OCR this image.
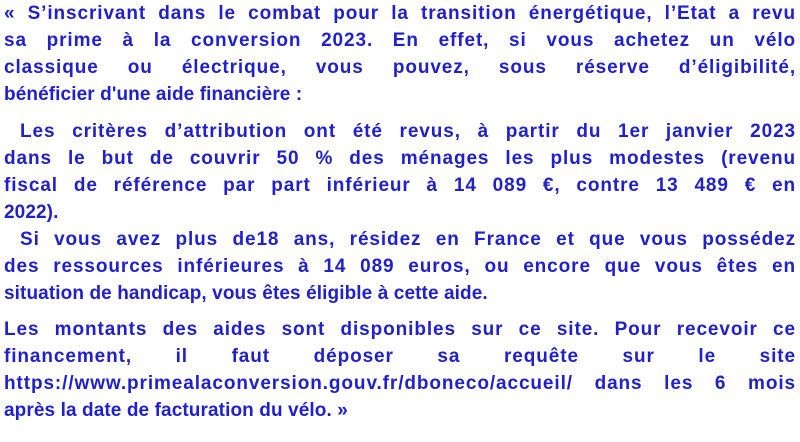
« S’inscrivant dans le combat pour la transition énergétique, l’Etat a revu
sa prime à la conversion 2023. En effet, si vous achetez un vélo
classique ou électrique, vous pouvez, sous réserve d’éligibilité,
bénéficier d'une aide financière :

Les critères d’attribution ont été revus, à partir du 1er janvier 2023
dans le but de couvrir 50 % des ménages les plus modestes (revenu
fiscal de référence par part inférieur à 14 089 €, contre 13 489 € en
2022).

Si vous avez plus de18 ans, résidez en France et que vous possédez
des ressources inférieures à 14 089 euros, ou encore que vous êtes en
situation de handicap, vous êtes éligible à cette aide.

Les montants des aides sont disponibles sur ce site. Pour recevoir ce
financement, il faut déposer sa requête sur le site
https://www.primealaconversion.gouv.fr/dboneco/accueil/ dans les 6 mois
après la date de facturation du vélo. »
